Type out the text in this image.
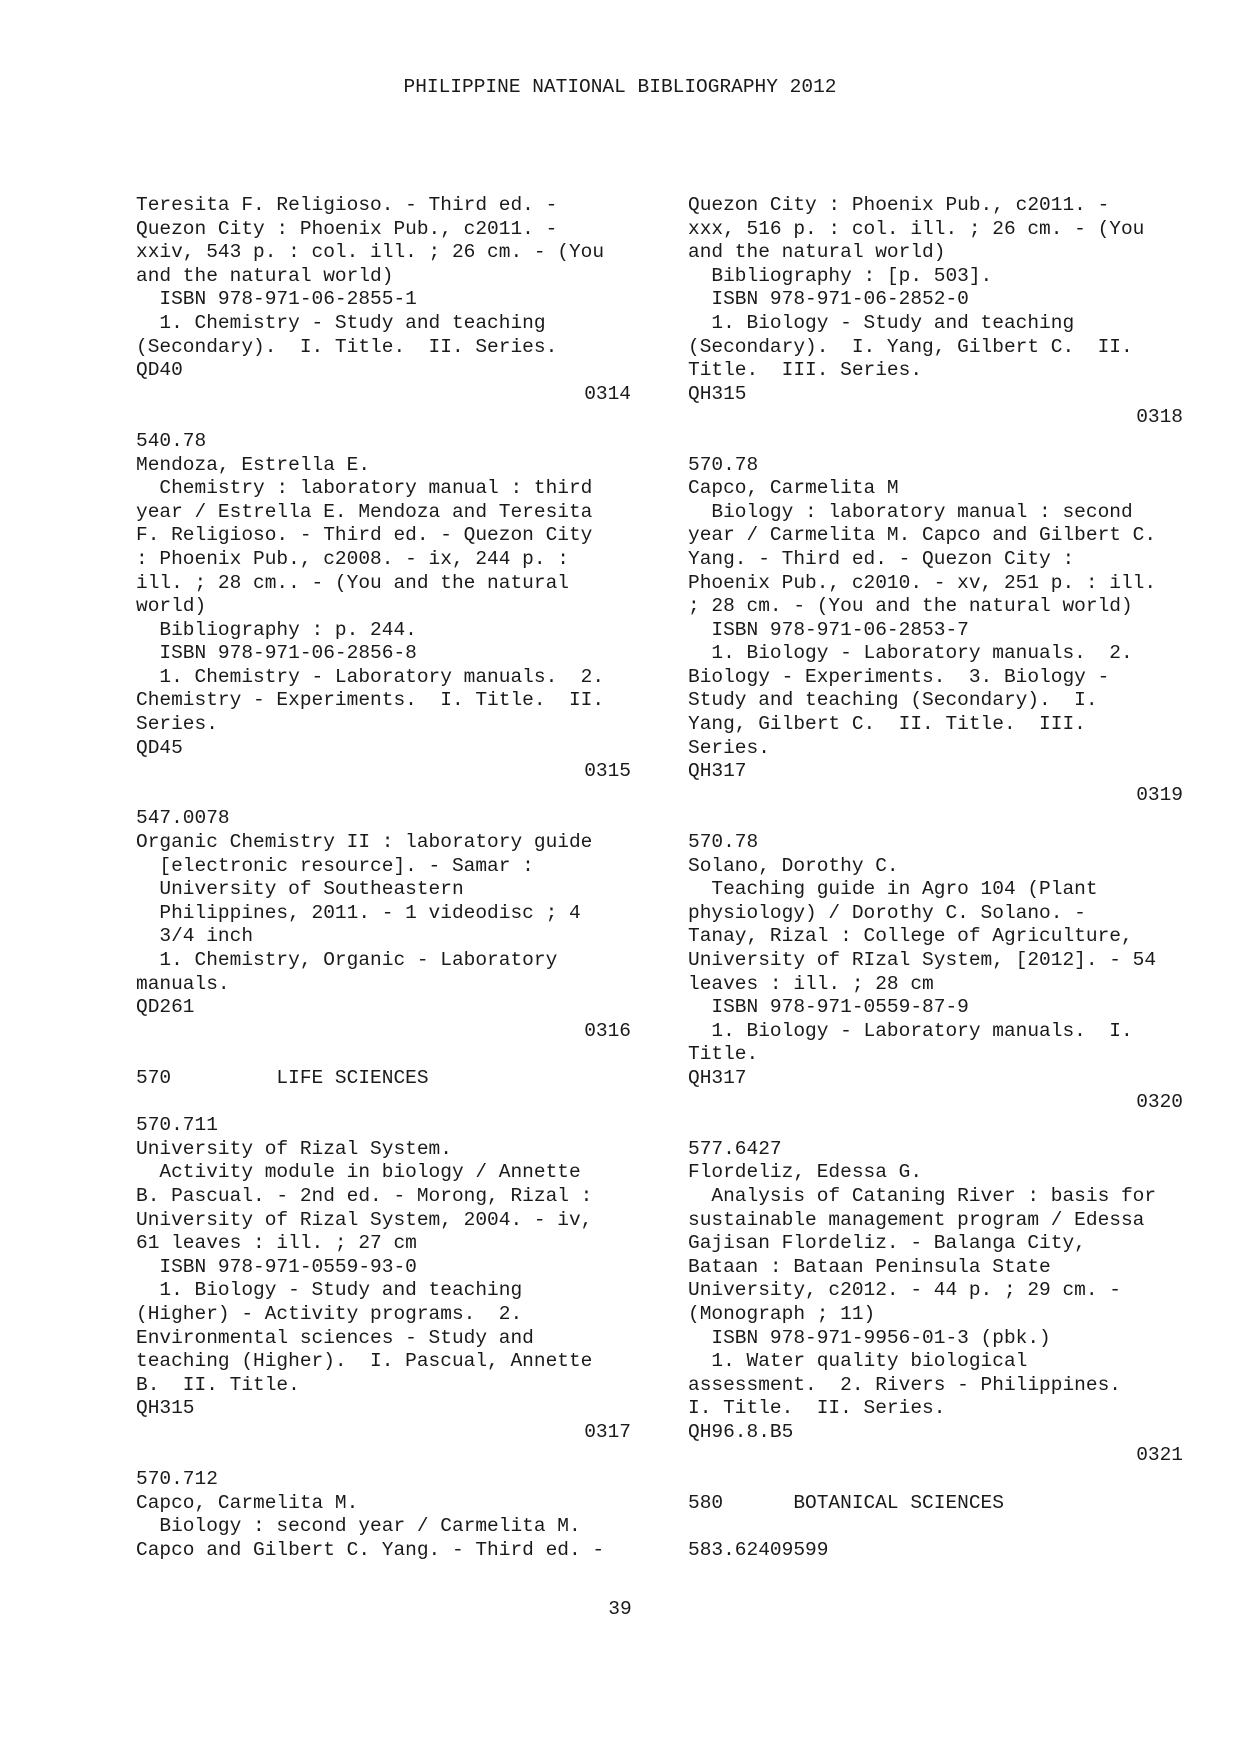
PHILIPPINE NATIONAL BIBLIOGRAPHY 2012
Teresita F. Religioso. - Third ed. -
Quezon City : Phoenix Pub., c2011. -
xxiv, 543 p. : col. ill. ; 26 cm. - (You
and the natural world)
ISBN 978-971-06-2855-1
1. Chemistry - Study and teaching
(Secondary).  I. Title.  II. Series.
QD40
0314
540.78
Mendoza, Estrella E.
Chemistry : laboratory manual : third
year / Estrella E. Mendoza and Teresita
F. Religioso. - Third ed. - Quezon City
: Phoenix Pub., c2008. - ix, 244 p. :
ill. ; 28 cm.. - (You and the natural
world)
Bibliography : p. 244.
ISBN 978-971-06-2856-8
1. Chemistry - Laboratory manuals.  2.
Chemistry - Experiments.  I. Title.  II.
Series.
QD45
0315
547.0078
Organic Chemistry II : laboratory guide
[electronic resource]. - Samar :
University of Southeastern
Philippines, 2011. - 1 videodisc ; 4
3/4 inch
1. Chemistry, Organic - Laboratory
manuals.
QD261
0316
570         LIFE SCIENCES
570.711
University of Rizal System.
Activity module in biology / Annette
B. Pascual. - 2nd ed. - Morong, Rizal :
University of Rizal System, 2004. - iv,
61 leaves : ill. ; 27 cm
ISBN 978-971-0559-93-0
1. Biology - Study and teaching
(Higher) - Activity programs.  2.
Environmental sciences - Study and
teaching (Higher).  I. Pascual, Annette
B.  II. Title.
QH315
0317
570.712
Capco, Carmelita M.
Biology : second year / Carmelita M.
Capco and Gilbert C. Yang. - Third ed. -
Quezon City : Phoenix Pub., c2011. -
xxx, 516 p. : col. ill. ; 26 cm. - (You
and the natural world)
Bibliography : [p. 503].
ISBN 978-971-06-2852-0
1. Biology - Study and teaching
(Secondary).  I. Yang, Gilbert C.  II.
Title.  III. Series.
QH315
0318
570.78
Capco, Carmelita M
Biology : laboratory manual : second
year / Carmelita M. Capco and Gilbert C.
Yang. - Third ed. - Quezon City :
Phoenix Pub., c2010. - xv, 251 p. : ill.
; 28 cm. - (You and the natural world)
ISBN 978-971-06-2853-7
1. Biology - Laboratory manuals.  2.
Biology - Experiments.  3. Biology -
Study and teaching (Secondary).  I.
Yang, Gilbert C.  II. Title.  III.
Series.
QH317
0319
570.78
Solano, Dorothy C.
Teaching guide in Agro 104 (Plant
physiology) / Dorothy C. Solano. -
Tanay, Rizal : College of Agriculture,
University of RIzal System, [2012]. - 54
leaves : ill. ; 28 cm
ISBN 978-971-0559-87-9
1. Biology - Laboratory manuals.  I.
Title.
QH317
0320
577.6427
Flordeliz, Edessa G.
Analysis of Cataning River : basis for
sustainable management program / Edessa
Gajisan Flordeliz. - Balanga City,
Bataan : Bataan Peninsula State
University, c2012. - 44 p. ; 29 cm. -
(Monograph ; 11)
ISBN 978-971-9956-01-3 (pbk.)
1. Water quality biological
assessment.  2. Rivers - Philippines.
I. Title.  II. Series.
QH96.8.B5
0321
580      BOTANICAL SCIENCES
583.62409599
39
